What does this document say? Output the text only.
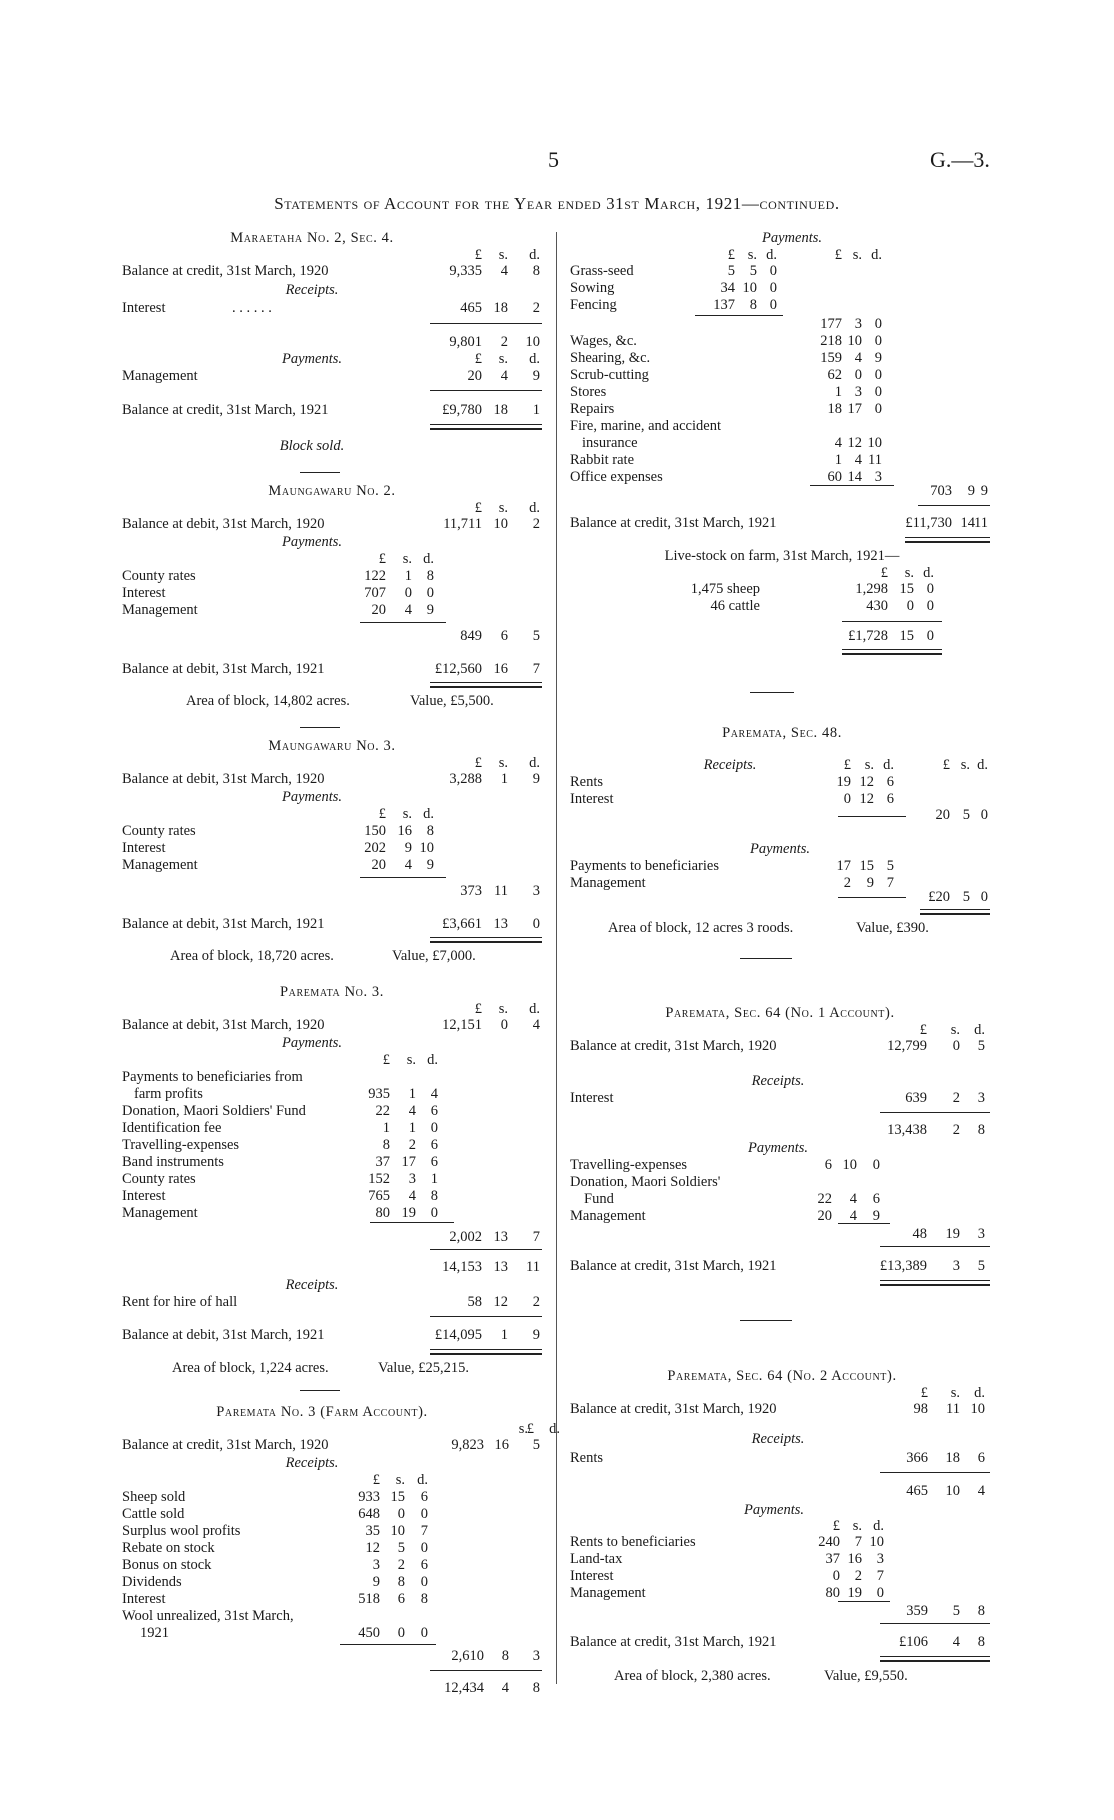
5	G.—3.
Statements of Account for the Year ended 31st March, 1921—continued.
Maraetaha No. 2, Sec. 4.
£	s.	d.
Balance at credit, 31st March, 1920	9,335	4	8
Receipts.
Interest	. . . . . .	465 18	2
9,801	2	10
Payments.	£	s.	d.
Management	20	4	9
Balance at credit, 31st March, 1921	£9,780 18	1
Block sold.
Maungawaru No. 2.
£	s.	d.
Balance at debit, 31st March, 1920	11,711 10	2
Payments.
£	s. d.
County rates	122	1	8
Interest	707	0	0
Management	20	4	9
849	6	5
Balance at debit, 31st March, 1921	£12,560 16	7
Area of block, 14,802 acres.	Value, £5,500.
Maungawaru No. 3.
£	s.	d.
Balance at debit, 31st March, 1920	3,288	1	9
Payments.
£	s. d.
County rates	150 16	8
Interest	202	9 10
Management	20	4	9
373 11	3
Balance at debit, 31st March, 1921	£3,661 13	0
Area of block, 18,720 acres.	Value, £7,000.
Paremata No. 3.
£	s.	d.
Balance at debit, 31st March, 1920	12,151	0	4
Payments.
£	s. d.
Payments to beneficiaries from
farm profits	935	1	4
Donation, Maori Soldiers' Fund	22	4	6
Identification fee	1	1	0
Travelling-expenses	8	2	6
Band instruments	37 17	6
County rates	152	3	1
Interest	765	4	8
Management	80 19	0
2,002 13	7
14,153 13	11
Receipts.
Rent for hire of hall	58 12	2
Balance at debit, 31st March, 1921	£14,095	1	9
Area of block, 1,224 acres.	Value, £25,215.
Paremata No. 3 (Farm Account).
£
s.	d.
Balance at credit, 31st March, 1920	9,823 16	5
Receipts.
£	s. d.
Sheep sold	933 15	6
Cattle sold	648	0	0
Surplus wool profits	35 10	7
Rebate on stock	12	5	0
Bonus on stock	3	2	6
Dividends	9	8	0
Interest	518	6	8
Wool unrealized, 31st March,
1921	450	0	0
2,610	8	3
12,434	4	8
Payments.
£ s. d.	£ s. d.
Grass-seed	5	5 0
Sowing	34 10 0
Fencing	137	8 0
177 3 0
Wages, &c.	218 10 0
Shearing, &c.	159 4 9
Scrub-cutting	62 0 0
Stores	1 3 0
Repairs	18 17 0
Fire, marine, and accident
insurance	4 12 10
Rabbit rate	1 4 11
Office expenses	60 14 3
703	9 9
Balance at credit, 31st March, 1921	£11,730 14 11
Live-stock on farm, 31st March, 1921—
£	s. d.
1,475 sheep	1,298 15 0
46 cattle	430	0 0
£1,728 15 0
Paremata, Sec. 48.
Receipts.	£ s. d.	£ s. d.
Rents	19 12 6
Interest	0 12 6
20 5 0
Payments.
Payments to beneficiaries	17 15 5
Management	2	9 7
£20 5 0
Area of block, 12 acres 3 roods.	Value, £390.
Paremata, Sec. 64 (No. 1 Account).
£	s. d.
Balance at credit, 31st March, 1920	12,799	0	5
Receipts.
Interest	639	2	3
13,438	2	8
Payments.
Travelling-expenses	6 10	0
Donation, Maori Soldiers'
Fund	22	4	6
Management	20	4	9
48	19	3
Balance at credit, 31st March, 1921	£13,389	3	5
Paremata, Sec. 64 (No. 2 Account).
£	s. d.
Balance at credit, 31st March, 1920	98	11 10
Receipts.
Rents	366	18	6
465	10	4
Payments.
£ s. d.
Rents to beneficiaries	240	7 10
Land-tax	37 16	3
Interest	0	2	7
Management	80 19	0
359	5	8
Balance at credit, 31st March, 1921	£106	4	8
Area of block, 2,380 acres.	Value, £9,550.
